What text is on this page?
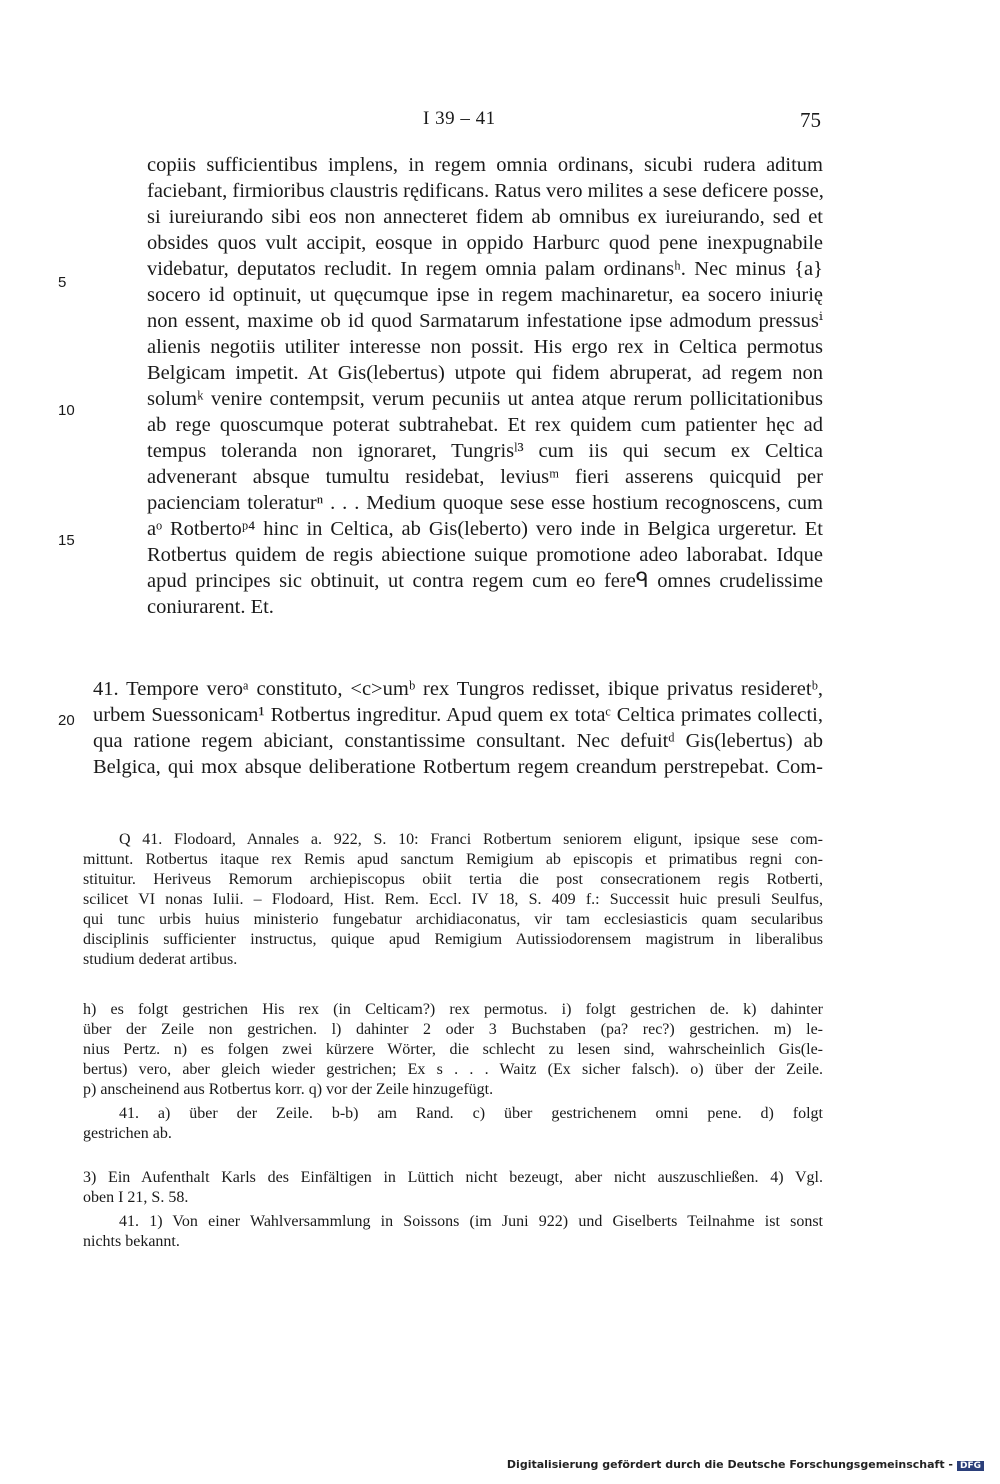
I 39 – 41	75
5
10
15
20
copiis sufficientibus implens, in regem omnia ordinans, sicubi rudera aditum
faciebant, firmioribus claustris rędificans. Ratus vero milites a sese deficere posse,
si iureiurando sibi eos non annecteret fidem ab omnibus ex iureiurando, sed et
obsides quos vult accipit, eosque in oppido Harburc quod pene inexpugnabile
videbatur, deputatos recludit. In regem omnia palam ordinansʰ. Nec minus {a}
socero id optinuit, ut quęcumque ipse in regem machinaretur, ea socero iniurię
non essent, maxime ob id quod Sarmatarum infestatione ipse admodum pressusⁱ
alienis negotiis utiliter interesse non possit. His ergo rex in Celtica permotus
Belgicam impetit. At Gis(lebertus) utpote qui fidem abruperat, ad regem non
solumᵏ venire contempsit, verum pecuniis ut antea atque rerum pollicitationibus
ab rege quoscumque poterat subtrahebat. Et rex quidem cum patienter hęc ad
tempus toleranda non ignoraret, Tungrisˡ³ cum iis qui secum ex Celtica
advenerant absque tumultu residebat, leviusᵐ fieri asserens quicquid per
pacienciam toleraturⁿ . . . Medium quoque sese esse hostium recognoscens, cum
aᵒ Rotbertoᵖ⁴ hinc in Celtica, ab Gis(leberto) vero inde in Belgica urgeretur. Et
Rotbertus quidem de regis abiectione suique promotione adeo laborabat. Idque
apud principes sic obtinuit, ut contra regem cum eo fereᑫ omnes crudelissime
coniurarent. Et.
41. Tempore veroᵃ constituto, <c>umᵇ rex Tungros redisset, ibique privatus resideretᵇ,
urbem Suessonicam¹ Rotbertus ingreditur. Apud quem ex totaᶜ Celtica primates collecti,
qua ratione regem abiciant, constantissime consultant. Nec defuitᵈ Gis(lebertus) ab
Belgica, qui mox absque deliberatione Rotbertum regem creandum perstrepebat. Com-
Q 41. Flodoard, Annales a. 922, S. 10: Franci Rotbertum seniorem eligunt, ipsique sese com-
mittunt. Rotbertus itaque rex Remis apud sanctum Remigium ab episcopis et primatibus regni con-
stituitur. Heriveus Remorum archiepiscopus obiit tertia die post consecrationem regis Rotberti,
scilicet VI nonas Iulii. – Flodoard, Hist. Rem. Eccl. IV 18, S. 409 f.: Successit huic presuli Seulfus,
qui tunc urbis huius ministerio fungebatur archidiaconatus, vir tam ecclesiasticis quam secularibus
disciplinis sufficienter instructus, quique apud Remigium Autissiodorensem magistrum in liberalibus
studium dederat artibus.
h) es folgt gestrichen His rex (in Celticam?) rex permotus. i) folgt gestrichen de. k) dahinter
über der Zeile non gestrichen. l) dahinter 2 oder 3 Buchstaben (pa? rec?) gestrichen. m) le-
nius Pertz. n) es folgen zwei kürzere Wörter, die schlecht zu lesen sind, wahrscheinlich Gis(le-
bertus) vero, aber gleich wieder gestrichen; Ex s . . . Waitz (Ex sicher falsch). o) über der Zeile.
p) anscheinend aus Rotbertus korr. q) vor der Zeile hinzugefügt.
41. a) über der Zeile. b-b) am Rand. c) über gestrichenem omni pene. d) folgt
gestrichen ab.
3) Ein Aufenthalt Karls des Einfältigen in Lüttich nicht bezeugt, aber nicht auszuschließen. 4) Vgl.
oben I 21, S. 58.
41. 1) Von einer Wahlversammlung in Soissons (im Juni 922) und Giselberts Teilnahme ist sonst
nichts bekannt.
Digitalisierung gefördert durch die Deutsche Forschungsgemeinschaft - DFG
